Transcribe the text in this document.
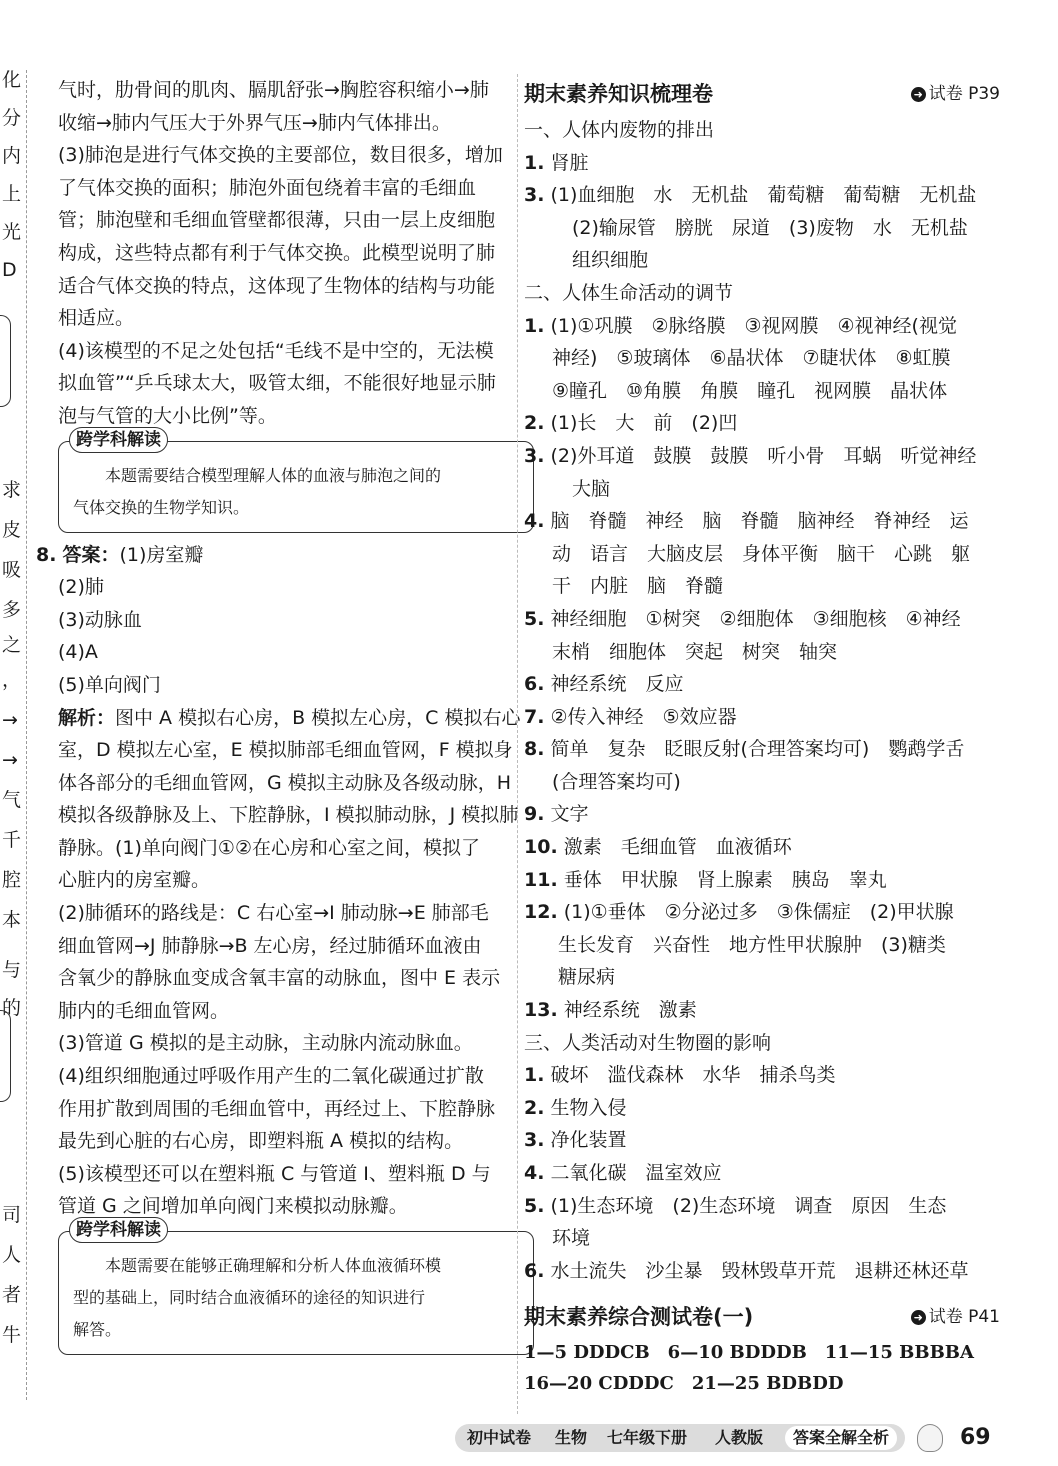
化
分
内
上
光
D
求
皮
吸
多
之
，
→
→
气
千
腔
本
与
的
司
人
者
牛
气时，肋骨间的肌肉、膈肌舒张→胸腔容积缩小→肺
收缩→肺内气压大于外界气压→肺内气体排出。
(3)肺泡是进行气体交换的主要部位，数目很多，增加
了气体交换的面积；肺泡外面包绕着丰富的毛细血
管；肺泡壁和毛细血管壁都很薄，只由一层上皮细胞
构成，这些特点都有利于气体交换。此模型说明了肺
适合气体交换的特点，这体现了生物体的结构与功能
相适应。
(4)该模型的不足之处包括“毛线不是中空的，无法模
拟血管”“乒乓球太大，吸管太细，不能很好地显示肺
泡与气管的大小比例”等。
跨学科解读
　　本题需要结合模型理解人体的血液与肺泡之间的
气体交换的生物学知识。
8. 答案：(1)房室瓣
(2)肺
(3)动脉血
(4)A
(5)单向阀门
解析：图中 A 模拟右心房，B 模拟左心房，C 模拟右心
室，D 模拟左心室，E 模拟肺部毛细血管网，F 模拟身
体各部分的毛细血管网，G 模拟主动脉及各级动脉，H
模拟各级静脉及上、下腔静脉，I 模拟肺动脉，J 模拟肺
静脉。(1)单向阀门①②在心房和心室之间，模拟了
心脏内的房室瓣。
(2)肺循环的路线是：C 右心室→I 肺动脉→E 肺部毛
细血管网→J 肺静脉→B 左心房，经过肺循环血液由
含氧少的静脉血变成含氧丰富的动脉血，图中 E 表示
肺内的毛细血管网。
(3)管道 G 模拟的是主动脉，主动脉内流动脉血。
(4)组织细胞通过呼吸作用产生的二氧化碳通过扩散
作用扩散到周围的毛细血管中，再经过上、下腔静脉
最先到心脏的右心房，即塑料瓶 A 模拟的结构。
(5)该模型还可以在塑料瓶 C 与管道 I、塑料瓶 D 与
管道 G 之间增加单向阀门来模拟动脉瓣。
跨学科解读
　　本题需要在能够正确理解和分析人体血液循环模
型的基础上，同时结合血液循环的途径的知识进行
解答。
期末素养知识梳理卷	➜ 试卷 P39
一、人体内废物的排出
1. 肾脏
3. (1)血细胞　水　无机盐　葡萄糖　葡萄糖　无机盐
(2)输尿管　膀胱　尿道　(3)废物　水　无机盐
组织细胞
二、人体生命活动的调节
1. (1)①巩膜　②脉络膜　③视网膜　④视神经(视觉
神经)　⑤玻璃体　⑥晶状体　⑦睫状体　⑧虹膜
⑨瞳孔　⑩角膜　角膜　瞳孔　视网膜　晶状体
2. (1)长　大　前　(2)凹
3. (2)外耳道　鼓膜　鼓膜　听小骨　耳蜗　听觉神经
大脑
4. 脑　脊髓　神经　脑　脊髓　脑神经　脊神经　运
动　语言　大脑皮层　身体平衡　脑干　心跳　躯
干　内脏　脑　脊髓
5. 神经细胞　①树突　②细胞体　③细胞核　④神经
末梢　细胞体　突起　树突　轴突
6. 神经系统　反应
7. ②传入神经　⑤效应器
8. 简单　复杂　眨眼反射(合理答案均可)　鹦鹉学舌
(合理答案均可)
9. 文字
10. 激素　毛细血管　血液循环
11. 垂体　甲状腺　肾上腺素　胰岛　睾丸
12. (1)①垂体　②分泌过多　③侏儒症　(2)甲状腺
生长发育　兴奋性　地方性甲状腺肿　(3)糖类
糖尿病
13. 神经系统　激素
三、人类活动对生物圈的影响
1. 破坏　滥伐森林　水华　捕杀鸟类
2. 生物入侵
3. 净化装置
4. 二氧化碳　温室效应
5. (1)生态环境　(2)生态环境　调查　原因　生态
环境
6. 水土流失　沙尘暴　毁林毁草开荒　退耕还林还草
期末素养综合测试卷(一)	➜ 试卷 P41
1—5 DDDCB　6—10 BDDDB　11—15 BBBBA
16—20 CDDDC　21—25 BDBDD
初中试卷 生物 七年级下册 人教版	答案全解全析	69
